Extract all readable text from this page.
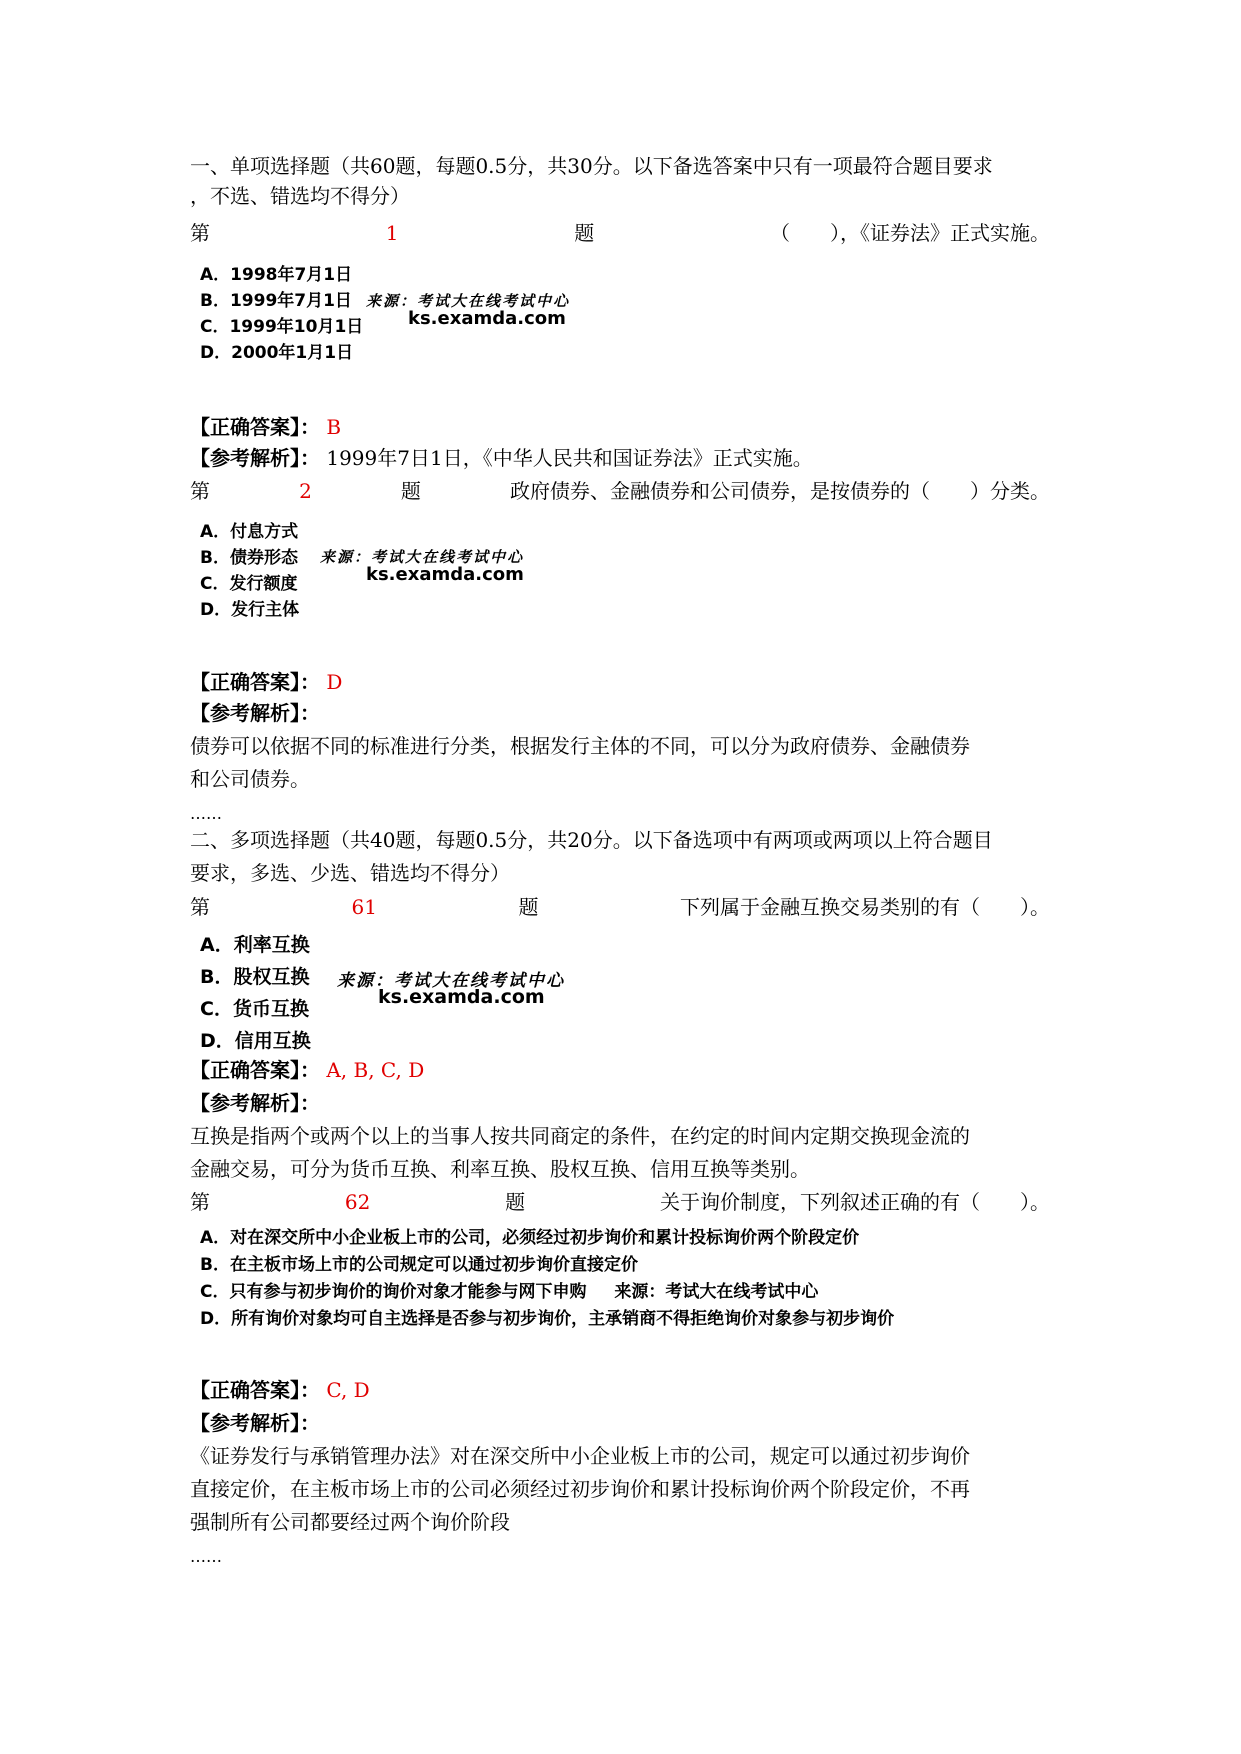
一、单项选择题（共60题，每题0.5分，共30分。以下备选答案中只有一项最符合题目要求
，不选、错选均不得分）
第	1	题	（　　），《证券法》正式实施。
A．1998年7月1日
B．1999年7月1日
C．1999年10月1日
D．2000年1月1日
来源：考试大在线考试中心
ks.examda.com
【正确答案】： B
【参考解析】： 1999年7日1日，《中华人民共和国证券法》正式实施。
第	2	题	政府债券、金融债券和公司债券，是按债券的（　　）分类。
A．付息方式
B．债券形态
C．发行额度
D．发行主体
来源：考试大在线考试中心
ks.examda.com
【正确答案】： D
【参考解析】：
债券可以依据不同的标准进行分类，根据发行主体的不同，可以分为政府债券、金融债券
和公司债券。
……
二、多项选择题（共40题，每题0.5分，共20分。以下备选项中有两项或两项以上符合题目
要求，多选、少选、错选均不得分）
第	61	题	下列属于金融互换交易类别的有（　　）。
A．利率互换
B．股权互换
C．货币互换
D．信用互换
来源：考试大在线考试中心
ks.examda.com
【正确答案】： A, B, C, D
【参考解析】：
互换是指两个或两个以上的当事人按共同商定的条件，在约定的时间内定期交换现金流的
金融交易，可分为货币互换、利率互换、股权互换、信用互换等类别。
第	62	题	关于询价制度，下列叙述正确的有（　　）。
A．对在深交所中小企业板上市的公司，必须经过初步询价和累计投标询价两个阶段定价
B．在主板市场上市的公司规定可以通过初步询价直接定价
C．只有参与初步询价的询价对象才能参与网下申购 来源：考试大在线考试中心
D．所有询价对象均可自主选择是否参与初步询价，主承销商不得拒绝询价对象参与初步询价
【正确答案】： C, D
【参考解析】：
《证券发行与承销管理办法》对在深交所中小企业板上市的公司，规定可以通过初步询价
直接定价，在主板市场上市的公司必须经过初步询价和累计投标询价两个阶段定价，不再
强制所有公司都要经过两个询价阶段
……
